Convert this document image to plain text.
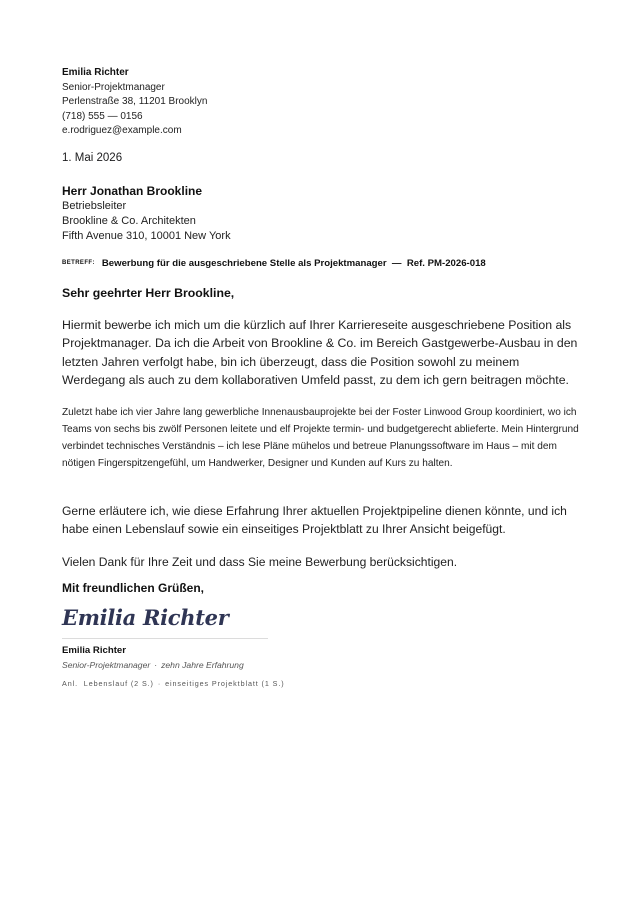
Emilia Richter
Senior-Projektmanager
Perlenstraße 38, 11201 Brooklyn
(718) 555 — 0156
e.rodriguez@example.com
1. Mai 2026
Herr Jonathan Brookline
Betriebsleiter
Brookline & Co. Architekten
Fifth Avenue 310, 10001 New York
BETREFF: Bewerbung für die ausgeschriebene Stelle als Projektmanager  —  Ref. PM-2026-018
Sehr geehrter Herr Brookline,
Hiermit bewerbe ich mich um die kürzlich auf Ihrer Karriereseite ausgeschriebene Position als Projektmanager. Da ich die Arbeit von Brookline & Co. im Bereich Gastgewerbe-Ausbau in den letzten Jahren verfolgt habe, bin ich überzeugt, dass die Position sowohl zu meinem Werdegang als auch zu dem kollaborativen Umfeld passt, zu dem ich gern beitragen möchte.
Zuletzt habe ich vier Jahre lang gewerbliche Innenausbauprojekte bei der Foster Linwood Group koordiniert, wo ich Teams von sechs bis zwölf Personen leitete und elf Projekte termin- und budgetgerecht ablieferte. Mein Hintergrund verbindet technisches Verständnis – ich lese Pläne mühelos und betreue Planungssoftware im Haus – mit dem nötigen Fingerspitzengefühl, um Handwerker, Designer und Kunden auf Kurs zu halten.
Gerne erläutere ich, wie diese Erfahrung Ihrer aktuellen Projektpipeline dienen könnte, und ich habe einen Lebenslauf sowie ein einseitiges Projektblatt zu Ihrer Ansicht beigefügt.
Vielen Dank für Ihre Zeit und dass Sie meine Bewerbung berücksichtigen.
Mit freundlichen Grüßen,
Emilia Richter
Emilia Richter
Senior-Projektmanager · zehn Jahre Erfahrung
Anl. Lebenslauf (2 S.) · einseitiges Projektblatt (1 S.)
